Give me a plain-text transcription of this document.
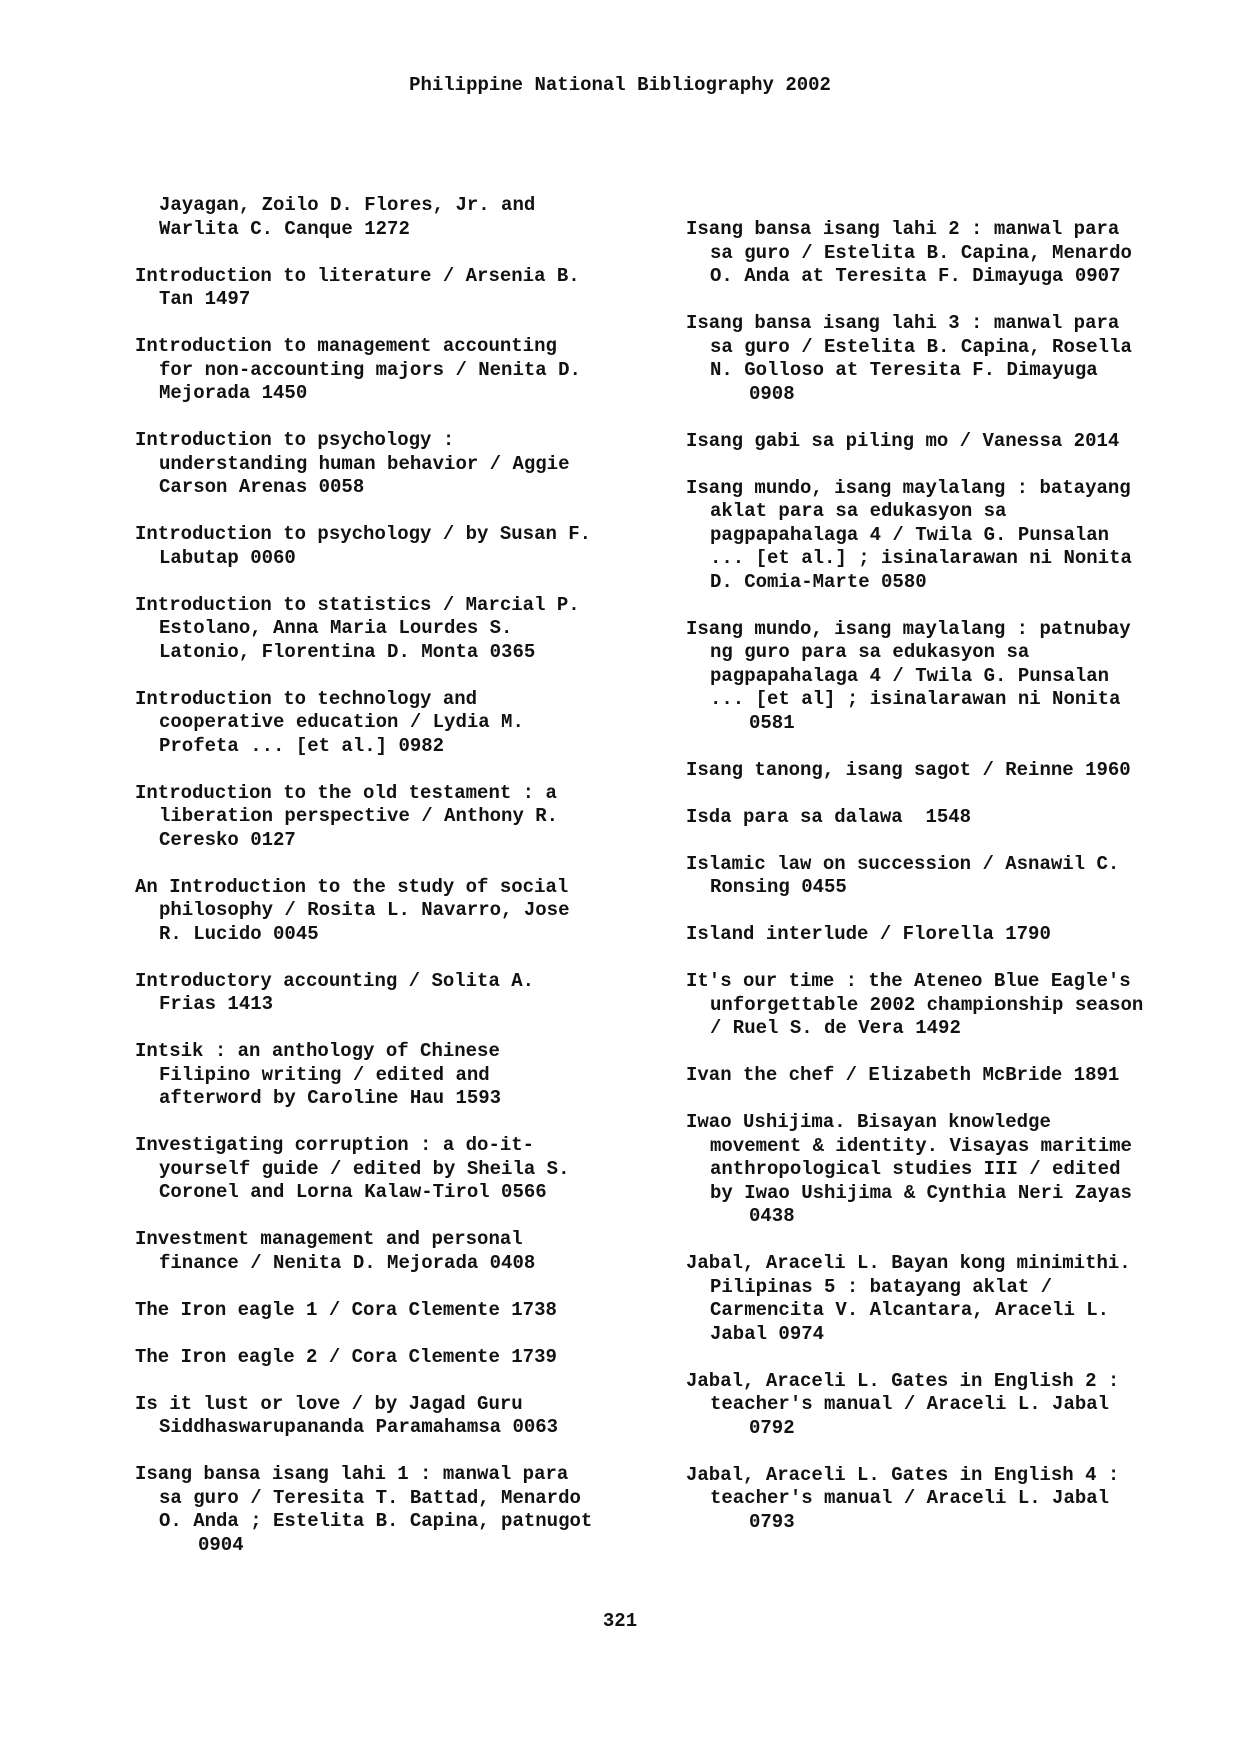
Philippine National Bibliography 2002
Jayagan, Zoilo D. Flores, Jr. and
Warlita C. Canque 1272
Introduction to literature / Arsenia B.
Tan 1497
Introduction to management accounting
for non-accounting majors / Nenita D.
Mejorada 1450
Introduction to psychology :
understanding human behavior / Aggie
Carson Arenas 0058
Introduction to psychology / by Susan F.
Labutap 0060
Introduction to statistics / Marcial P.
Estolano, Anna Maria Lourdes S.
Latonio, Florentina D. Monta 0365
Introduction to technology and
cooperative education / Lydia M.
Profeta ... [et al.] 0982
Introduction to the old testament : a
liberation perspective / Anthony R.
Ceresko 0127
An Introduction to the study of social
philosophy / Rosita L. Navarro, Jose
R. Lucido 0045
Introductory accounting / Solita A.
Frias 1413
Intsik : an anthology of Chinese
Filipino writing / edited and
afterword by Caroline Hau 1593
Investigating corruption : a do-it-
yourself guide / edited by Sheila S.
Coronel and Lorna Kalaw-Tirol 0566
Investment management and personal
finance / Nenita D. Mejorada 0408
The Iron eagle 1 / Cora Clemente 1738
The Iron eagle 2 / Cora Clemente 1739
Is it lust or love / by Jagad Guru
Siddhaswarupananda Paramahamsa 0063
Isang bansa isang lahi 1 : manwal para
sa guro / Teresita T. Battad, Menardo
O. Anda ; Estelita B. Capina, patnugot
0904
Isang bansa isang lahi 2 : manwal para
sa guro / Estelita B. Capina, Menardo
O. Anda at Teresita F. Dimayuga 0907
Isang bansa isang lahi 3 : manwal para
sa guro / Estelita B. Capina, Rosella
N. Golloso at Teresita F. Dimayuga
0908
Isang gabi sa piling mo / Vanessa 2014
Isang mundo, isang maylalang : batayang
aklat para sa edukasyon sa
pagpapahalaga 4 / Twila G. Punsalan
... [et al.] ; isinalarawan ni Nonita
D. Comia-Marte 0580
Isang mundo, isang maylalang : patnubay
ng guro para sa edukasyon sa
pagpapahalaga 4 / Twila G. Punsalan
... [et al] ; isinalarawan ni Nonita
0581
Isang tanong, isang sagot / Reinne 1960
Isda para sa dalawa  1548
Islamic law on succession / Asnawil C.
Ronsing 0455
Island interlude / Florella 1790
It's our time : the Ateneo Blue Eagle's
unforgettable 2002 championship season
/ Ruel S. de Vera 1492
Ivan the chef / Elizabeth McBride 1891
Iwao Ushijima. Bisayan knowledge
movement & identity. Visayas maritime
anthropological studies III / edited
by Iwao Ushijima & Cynthia Neri Zayas
0438
Jabal, Araceli L. Bayan kong minimithi.
Pilipinas 5 : batayang aklat /
Carmencita V. Alcantara, Araceli L.
Jabal 0974
Jabal, Araceli L. Gates in English 2 :
teacher's manual / Araceli L. Jabal
0792
Jabal, Araceli L. Gates in English 4 :
teacher's manual / Araceli L. Jabal
0793
321
